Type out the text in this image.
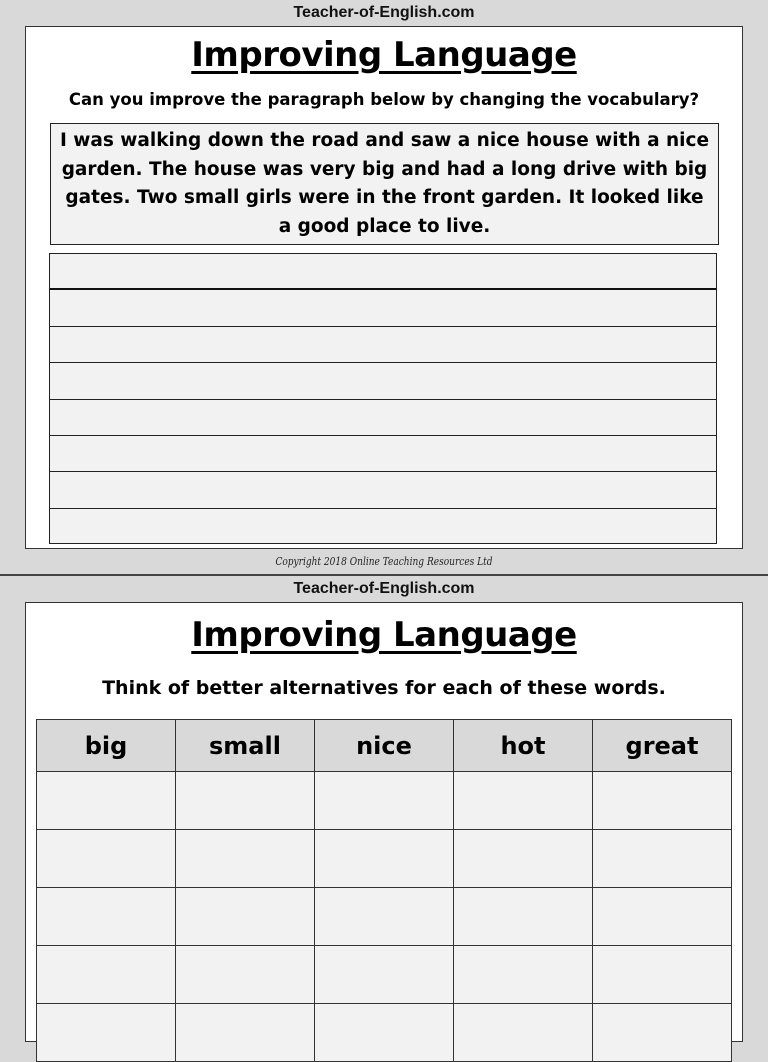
Teacher-of-English.com
Improving Language
Can you improve the paragraph below by changing the vocabulary?
I was walking down the road and saw a nice house with a nice garden. The house was very big and had a long drive with big gates. Two small girls were in the front garden. It looked like a good place to live.
Copyright 2018 Online Teaching Resources Ltd
Teacher-of-English.com
Improving Language
Think of better alternatives for each of these words.
big	small	nice	hot	great
